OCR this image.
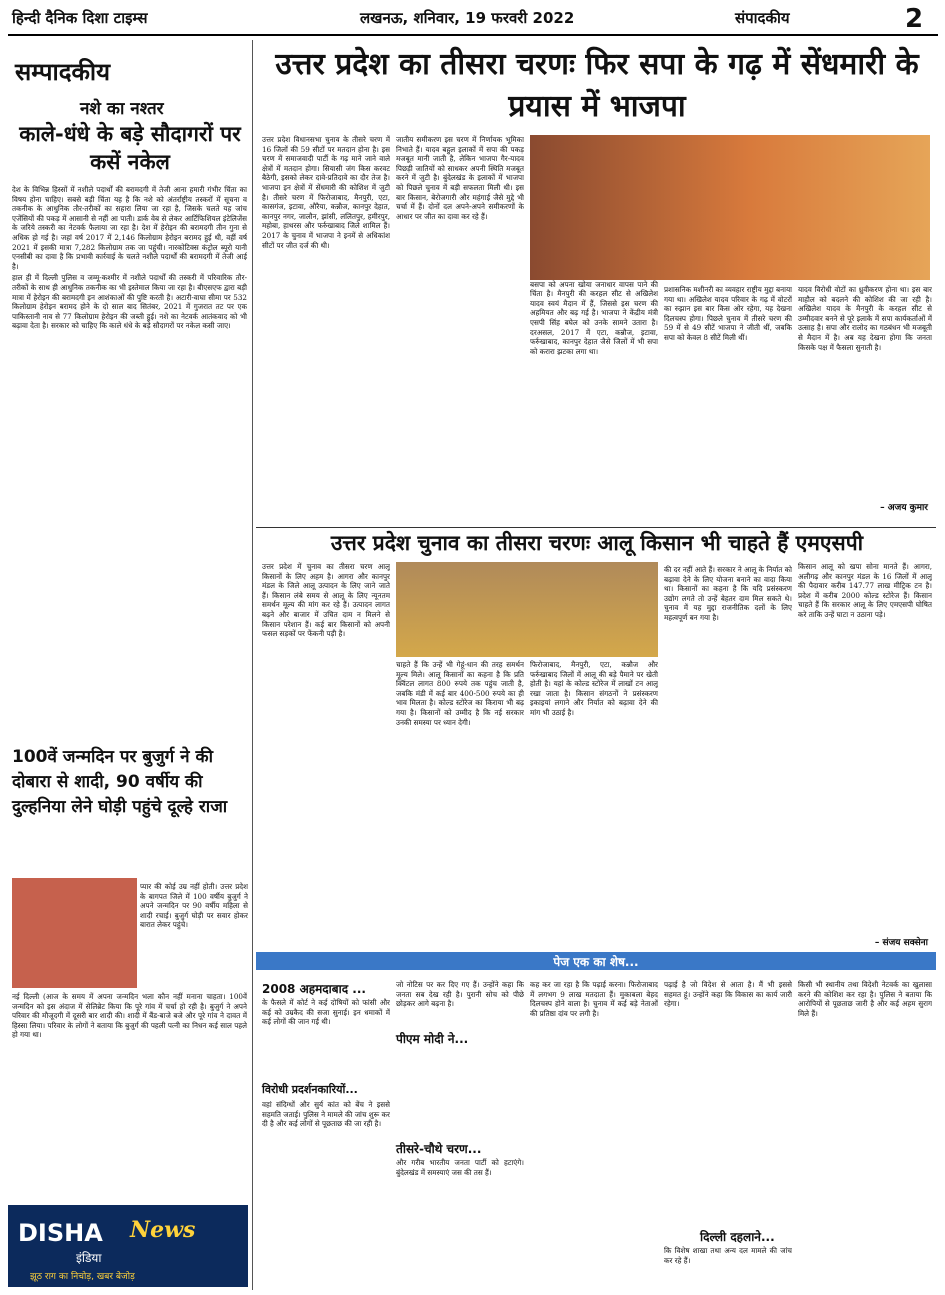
हिन्दी दैनिक दिशा टाइम्स	लखनऊ, शनिवार, 19 फरवरी 2022	संपादकीय	2
सम्पादकीय
नशे का नश्तर
काले-धंधे के बड़े सौदागरों पर कसें नकेल

देश के विभिन्न हिस्सों में नशीले पदार्थों की बरामदगी में तेजी आना हमारी गंभीर चिंता का विषय होना चाहिए। सबसे बड़ी चिंता यह है कि नशे को अंतर्राष्ट्रीय तस्करों में सूचना व तकनीक के आधुनिक तौर-तरीकों का सहारा लिया जा रहा है, जिसके चलते यह जांच एजेंसियों की पकड़ में आसानी से नहीं आ पाती। डार्क वेब से लेकर आर्टिफिशियल इंटेलिजेंस के जरिये तस्करी का नेटवर्क फैलाया जा रहा है। देश में हेरोइन की बरामदगी तीन गुना से अधिक हो गई है। जहां वर्ष 2017 में 2,146 किलोग्राम हेरोइन बरामद हुई थी, वहीं वर्ष 2021 में इसकी मात्रा 7,282 किलोग्राम तक जा पहुंची। नारकोटिक्स कंट्रोल ब्यूरो यानी एनसीबी का दावा है कि प्रभावी कार्रवाई के चलते नशीले पदार्थों की बरामदगी में तेजी आई है।

हाल ही में दिल्ली पुलिस व जम्मू-कश्मीर में नशीले पदार्थों की तस्करी में परिवारिक तौर-तरीकों के साथ ही आधुनिक तकनीक का भी इस्तेमाल किया जा रहा है। बीएसएफ द्वारा बड़ी मात्रा में हेरोइन की बरामदगी इन आशंकाओं की पुष्टि करती है। अटारी-वाघा सीमा पर 532 किलोग्राम हेरोइन बरामद होने के दो साल बाद सितंबर, 2021 में गुजरात तट पर एक पाकिस्तानी नाव से 77 किलोग्राम हेरोइन की जब्ती हुई। नशे का नेटवर्क आतंकवाद को भी बढ़ावा देता है। सरकार को चाहिए कि काले धंधे के बड़े सौदागरों पर नकेल कसी जाए।

100वें जन्मदिन पर बुजुर्ग ने की दोबारा से शादी, 90 वर्षीय की दुल्हनिया लेने घोड़ी पहुंचे दूल्हे राजा
प्यार की कोई उम्र नहीं होती। उत्तर प्रदेश के बागपत जिले में 100 वर्षीय बुजुर्ग ने अपने जन्मदिन पर 90 वर्षीय महिला से शादी रचाई। बुजुर्ग घोड़ी पर सवार होकर बारात लेकर पहुंचे।
नई दिल्ली (आज के समय में अपना जन्मदिन भला कौन नहीं मनाना चाहता। 100वें जन्मदिन को इस अंदाज में सेलिब्रेट किया कि पूरे गांव में चर्चा हो रही है। बुजुर्ग ने अपने परिवार की मौजूदगी में दूसरी बार शादी की। शादी में बैंड-बाजे बजे और पूरे गांव ने दावत में हिस्सा लिया। परिवार के लोगों ने बताया कि बुजुर्ग की पहली पत्नी का निधन कई साल पहले हो गया था।
DISHA News
इंडिया
झूठ राग का निचोड़, खबर बेजोड़
उत्तर प्रदेश का तीसरा चरणः फिर सपा के गढ़ में सेंधमारी के प्रयास में भाजपा
उत्तर प्रदेश विधानसभा चुनाव के तीसरे चरण में 16 जिलों की 59 सीटों पर मतदान होना है। इस चरण में समाजवादी पार्टी के गढ़ माने जाने वाले क्षेत्रों में मतदान होगा। सियासी जंग किस करवट बैठेगी, इसको लेकर दावे-प्रतिदावे का दौर तेज है। भाजपा इन क्षेत्रों में सेंधमारी की कोशिश में जुटी है। तीसरे चरण में फिरोजाबाद, मैनपुरी, एटा, कासगंज, इटावा, औरैया, कन्नौज, कानपुर देहात, कानपुर नगर, जालौन, झांसी, ललितपुर, हमीरपुर, महोबा, हाथरस और फर्रुखाबाद जिले शामिल हैं। 2017 के चुनाव में भाजपा ने इनमें से अधिकांश सीटों पर जीत दर्ज की थी।
जातीय समीकरण इस चरण में निर्णायक भूमिका निभाते हैं। यादव बहुल इलाकों में सपा की पकड़ मजबूत मानी जाती है, लेकिन भाजपा गैर-यादव पिछड़ी जातियों को साधकर अपनी स्थिति मजबूत करने में जुटी है। बुंदेलखंड के इलाकों में भाजपा को पिछले चुनाव में बड़ी सफलता मिली थी। इस बार किसान, बेरोजगारी और महंगाई जैसे मुद्दे भी चर्चा में हैं। दोनों दल अपने-अपने समीकरणों के आधार पर जीत का दावा कर रहे हैं।
बसपा को अपना खोया जनाधार वापस पाने की चिंता है। मैनपुरी की करहल सीट से अखिलेश यादव स्वयं मैदान में हैं, जिससे इस चरण की अहमियत और बढ़ गई है। भाजपा ने केंद्रीय मंत्री एसपी सिंह बघेल को उनके सामने उतारा है। दरअसल, 2017 में एटा, कन्नौज, इटावा, फर्रुखाबाद, कानपुर देहात जैसे जिलों में भी सपा को करारा झटका लगा था।
प्रशासनिक मशीनरी का व्यवहार राष्ट्रीय मुद्दा बनाया गया था। अखिलेश यादव परिवार के गढ़ में वोटरों का रुझान इस बार किस ओर रहेगा, यह देखना दिलचस्प होगा। पिछले चुनाव में तीसरे चरण की 59 में से 49 सीटें भाजपा ने जीती थीं, जबकि सपा को केवल 8 सीटें मिली थीं।
यादव विरोधी वोटों का ध्रुवीकरण होना था। इस बार माहौल को बदलने की कोशिश की जा रही है। अखिलेश यादव के मैनपुरी के करहल सीट से उम्मीदवार बनने से पूरे इलाके में सपा कार्यकर्ताओं में उत्साह है। सपा और रालोद का गठबंधन भी मजबूती से मैदान में है। अब यह देखना होगा कि जनता किसके पक्ष में फैसला सुनाती है।
– अजय कुमार
उत्तर प्रदेश चुनाव का तीसरा चरणः आलू किसान भी चाहते हैं एमएसपी
उत्तर प्रदेश में चुनाव का तीसरा चरण आलू किसानों के लिए अहम है। आगरा और कानपुर मंडल के जिले आलू उत्पादन के लिए जाने जाते हैं। किसान लंबे समय से आलू के लिए न्यूनतम समर्थन मूल्य की मांग कर रहे हैं। उत्पादन लागत बढ़ने और बाजार में उचित दाम न मिलने से किसान परेशान हैं। कई बार किसानों को अपनी फसल सड़कों पर फेंकनी पड़ी है।
चाहते हैं कि उन्हें भी गेहूं-धान की तरह समर्थन मूल्य मिले। आलू किसानों का कहना है कि प्रति क्विंटल लागत 800 रुपये तक पहुंच जाती है, जबकि मंडी में कई बार 400-500 रुपये का ही भाव मिलता है। कोल्ड स्टोरेज का किराया भी बढ़ गया है। किसानों को उम्मीद है कि नई सरकार उनकी समस्या पर ध्यान देगी।
फिरोजाबाद, मैनपुरी, एटा, कन्नौज और फर्रुखाबाद जिलों में आलू की बड़े पैमाने पर खेती होती है। यहां के कोल्ड स्टोरेज में लाखों टन आलू रखा जाता है। किसान संगठनों ने प्रसंस्करण इकाइयां लगाने और निर्यात को बढ़ावा देने की मांग भी उठाई है।
की दर नहीं आते हैं। सरकार ने आलू के निर्यात को बढ़ावा देने के लिए योजना बनाने का वादा किया था। किसानों का कहना है कि यदि प्रसंस्करण उद्योग लगते तो उन्हें बेहतर दाम मिल सकते थे। चुनाव में यह मुद्दा राजनीतिक दलों के लिए महत्वपूर्ण बन गया है।
किसान आलू को खपा सोना मानते हैं। आगरा, अलीगढ़ और कानपुर मंडल के 16 जिलों में आलू की पैदावार करीब 147.77 लाख मीट्रिक टन है। प्रदेश में करीब 2000 कोल्ड स्टोरेज हैं। किसान चाहते हैं कि सरकार आलू के लिए एमएसपी घोषित करे ताकि उन्हें घाटा न उठाना पड़े।
– संजय सक्सेना
पेज एक का शेष...
2008 अहमदाबाद ...
के फैसले में कोर्ट ने कई दोषियों को फांसी और कई को उम्रकैद की सजा सुनाई। इन धमाकों में कई लोगों की जान गई थी।
विरोधी प्रदर्शनकारियों...
वहां संदिग्धों और सुर्य कांत को बेंच ने इससे सहमति जताई। पुलिस ने मामले की जांच शुरू कर दी है और कई लोगों से पूछताछ की जा रही है।
जो नोटिस पर कर दिए गए हैं। उन्होंने कहा कि जनता सब देख रही है। पुरानी सोच को पीछे छोड़कर आगे बढ़ना है।
पीएम मोदी ने...
तीसरे-चौथे चरण...
और गरीब भारतीय जनता पार्टी को हटाएंगे। बुंदेलखंड में समस्याएं जस की तस हैं।
कह कर जा रहा है कि पढ़ाई करना। फिरोजाबाद में लगभग 9 लाख मतदाता हैं। मुकाबला बेहद दिलचस्प होने वाला है। चुनाव में कई बड़े नेताओं की प्रतिष्ठा दांव पर लगी है।
पढ़ाई है जो विदेश से आता है। मैं भी इससे सहमत हूं। उन्होंने कहा कि विकास का कार्य जारी रहेगा।
दिल्ली दहलाने...
कि विशेष शाखा तथा अन्य दल मामले की जांच कर रहे हैं।
किसी भी स्थानीय तथा विदेशी नेटवर्क का खुलासा करने की कोशिश कर रहा है। पुलिस ने बताया कि आरोपियों से पूछताछ जारी है और कई अहम सुराग मिले हैं।
